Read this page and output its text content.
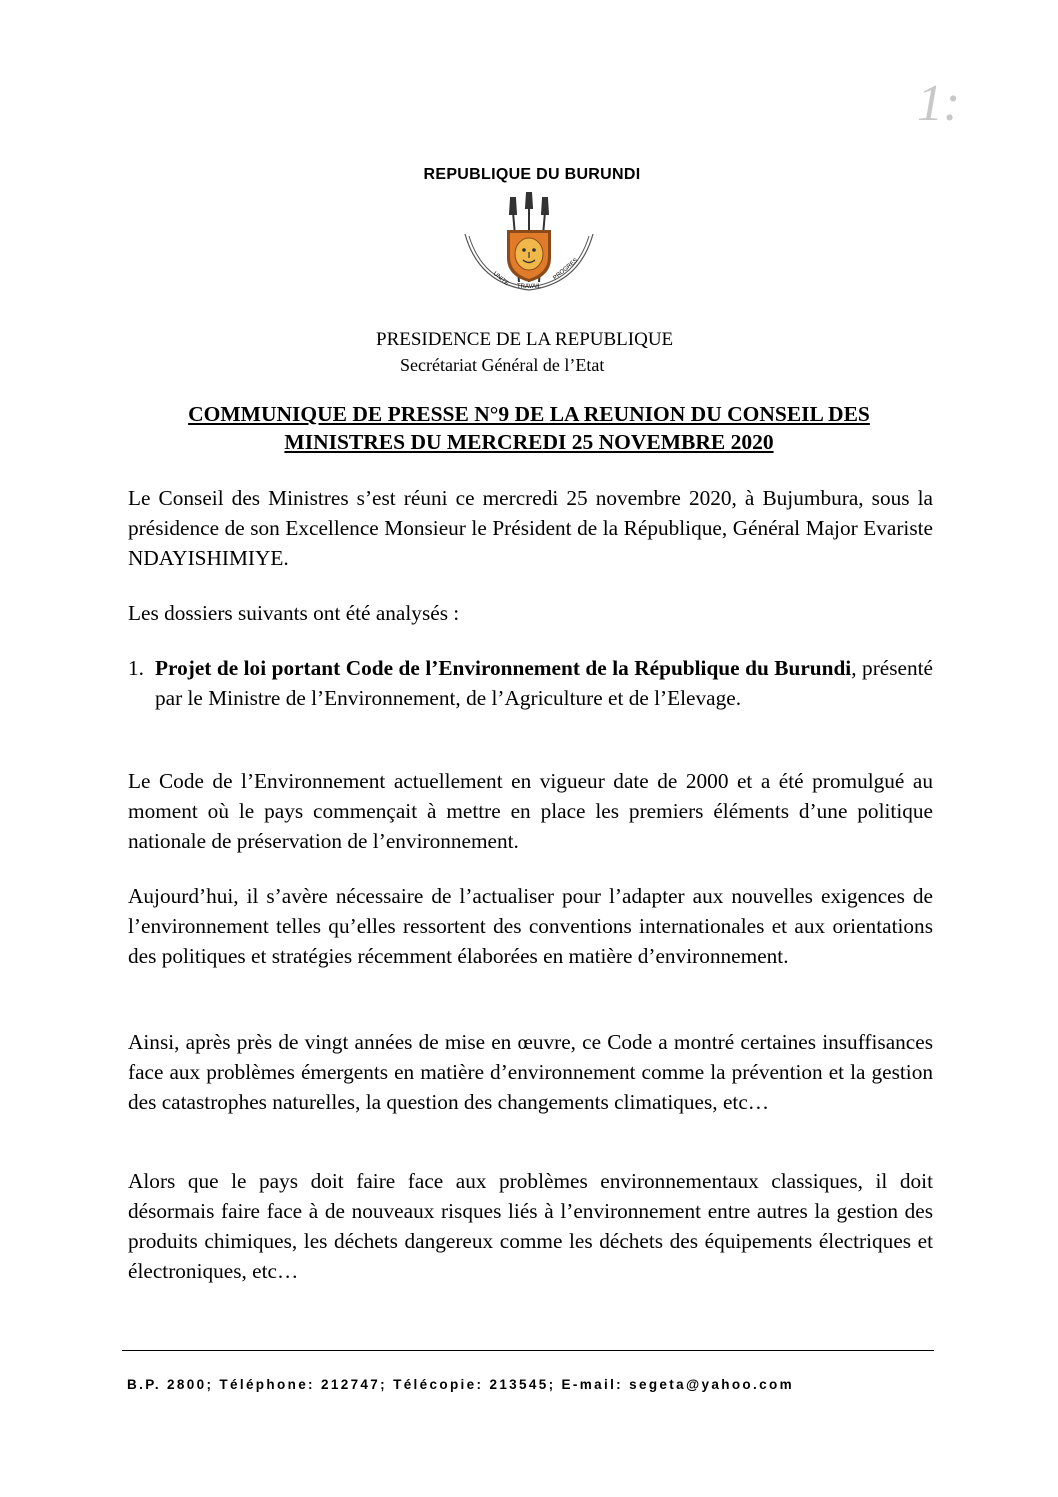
1:
REPUBLIQUE DU BURUNDI
UNITE TRAVAIL
PROGRES
PRESIDENCE DE LA REPUBLIQUE
Secrétariat Général de l’Etat
COMMUNIQUE DE PRESSE N°9 DE LA REUNION DU CONSEIL DES
MINISTRES DU MERCREDI 25 NOVEMBRE 2020

Le Conseil des Ministres s’est réuni ce mercredi 25 novembre 2020, à Bujumbura, sous la présidence de son Excellence Monsieur le Président de la République, Général Major Evariste NDAYISHIMIYE.

Les dossiers suivants ont été analysés :

1. Projet de loi portant Code de l’Environnement de la République du Burundi, présenté par le Ministre de l’Environnement, de l’Agriculture et de l’Elevage.

Le Code de l’Environnement actuellement en vigueur date de 2000 et a été promulgué au moment où le pays commençait à mettre en place les premiers éléments d’une politique nationale de préservation de l’environnement.

Aujourd’hui, il s’avère nécessaire de l’actualiser pour l’adapter aux nouvelles exigences de l’environnement telles qu’elles ressortent des conventions internationales et aux orientations des politiques et stratégies récemment élaborées en matière d’environnement.

Ainsi, après près de vingt années de mise en œuvre, ce Code a montré certaines insuffisances face aux problèmes émergents en matière d’environnement comme la prévention et la gestion des catastrophes naturelles, la question des changements climatiques, etc…

Alors que le pays doit faire face aux problèmes environnementaux classiques, il doit désormais faire face à de nouveaux risques liés à l’environnement entre autres la gestion des produits chimiques, les déchets dangereux comme les déchets des équipements électriques et électroniques, etc…

B.P. 2800; Téléphone: 212747; Télécopie: 213545; E-mail: segeta@yahoo.com
